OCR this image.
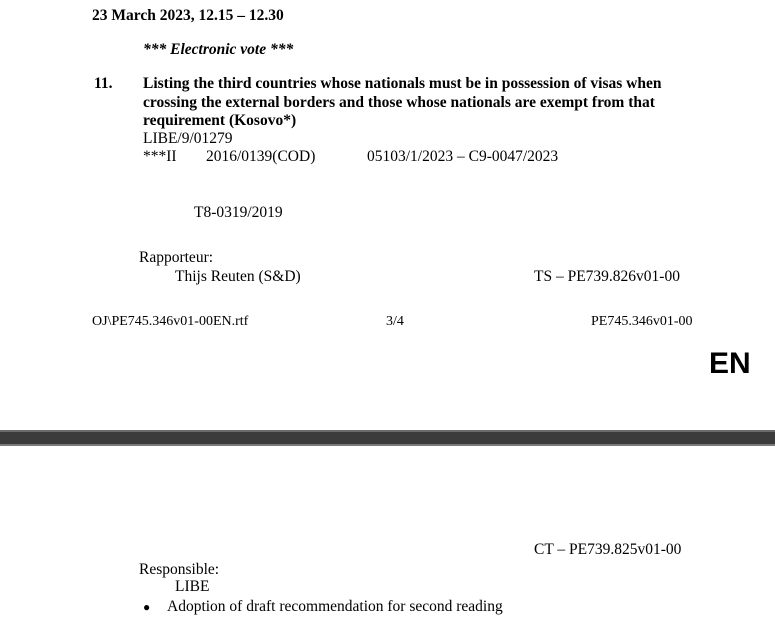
23 March 2023, 12.15 – 12.30
*** Electronic vote ***
11. Listing the third countries whose nationals must be in possession of visas when crossing the external borders and those whose nationals are exempt from that requirement (Kosovo*)
LIBE/9/01279
***II 2016/0139(COD)	05103/1/2023 – C9-0047/2023
T8-0319/2019
Rapporteur:
Thijs Reuten (S&D)	TS – PE739.826v01-00
OJ\PE745.346v01-00EN.rtf	3/4	PE745.346v01-00
EN
CT – PE739.825v01-00
Responsible:
LIBE
● Adoption of draft recommendation for second reading
